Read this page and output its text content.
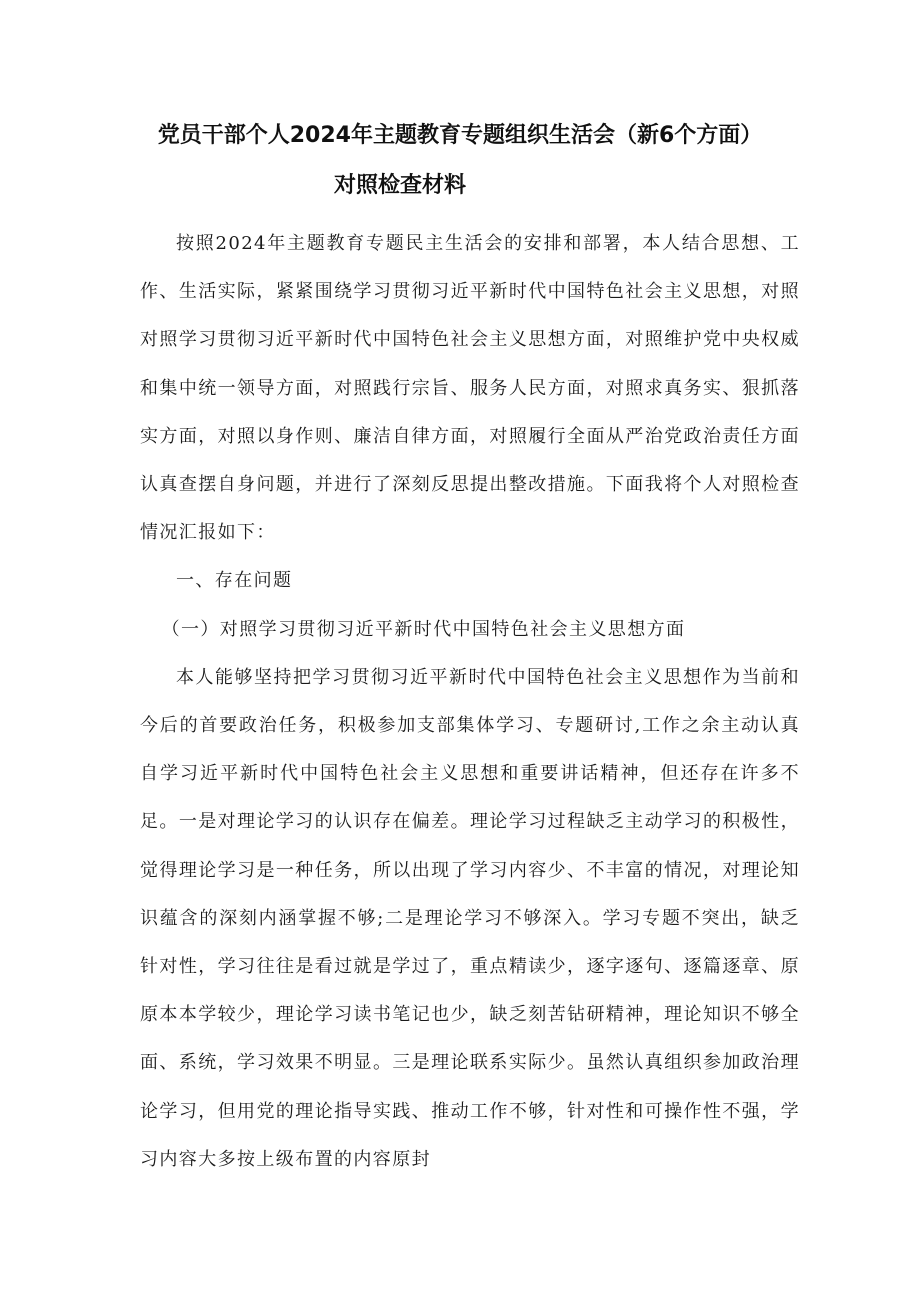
党员干部个人2024年主题教育专题组织生活会（新6个方面）
对照检查材料

按照2024年主题教育专题民主生活会的安排和部署，本人结合思想、工作、生活实际，紧紧围绕学习贯彻习近平新时代中国特色社会主义思想，对照对照学习贯彻习近平新时代中国特色社会主义思想方面，对照维护党中央权威和集中统一领导方面，对照践行宗旨、服务人民方面，对照求真务实、狠抓落实方面，对照以身作则、廉洁自律方面，对照履行全面从严治党政治责任方面认真查摆自身问题，并进行了深刻反思提出整改措施。下面我将个人对照检查情况汇报如下：

一、存在问题

（一）对照学习贯彻习近平新时代中国特色社会主义思想方面

本人能够坚持把学习贯彻习近平新时代中国特色社会主义思想作为当前和今后的首要政治任务，积极参加支部集体学习、专题研讨,工作之余主动认真自学习近平新时代中国特色社会主义思想和重要讲话精神，但还存在许多不足。一是对理论学习的认识存在偏差。理论学习过程缺乏主动学习的积极性，觉得理论学习是一种任务，所以出现了学习内容少、不丰富的情况，对理论知识蕴含的深刻内涵掌握不够;二是理论学习不够深入。学习专题不突出，缺乏针对性，学习往往是看过就是学过了，重点精读少，逐字逐句、逐篇逐章、原原本本学较少，理论学习读书笔记也少，缺乏刻苦钻研精神，理论知识不够全面、系统，学习效果不明显。三是理论联系实际少。虽然认真组织参加政治理论学习，但用党的理论指导实践、推动工作不够，针对性和可操作性不强，学习内容大多按上级布置的内容原封
